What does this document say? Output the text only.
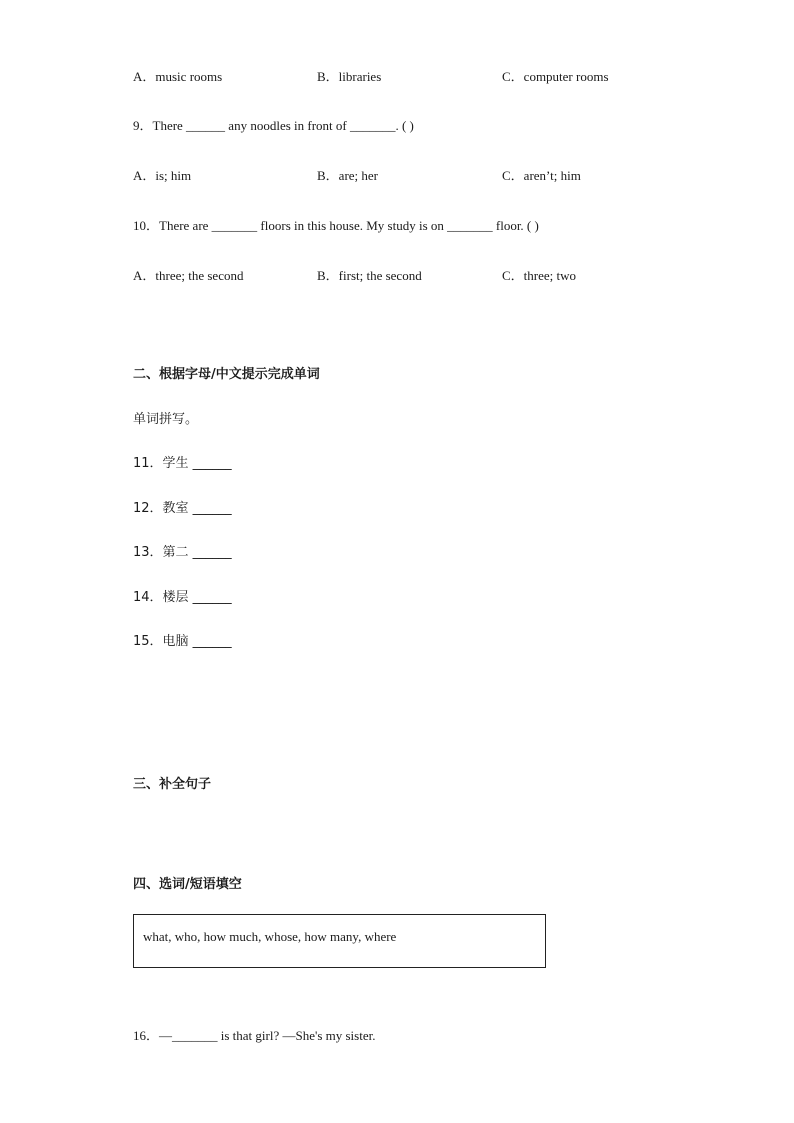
A．music rooms	B．libraries	C．computer rooms
9．There ______ any noodles in front of _______. ( )
A．is; him	B．are; her	C．aren’t; him
10．There are _______ floors in this house. My study is on _______ floor. ( )
A．three; the second	B．first; the second	C．three; two
二、根据字母/中文提示完成单词
单词拼写。
11．学生 ______
12．教室 ______
13．第二 ______
14．楼层 ______
15．电脑 ______
三、补全句子
四、选词/短语填空
what, who, how much, whose, how many, where
16．—_______ is that girl? —She's my sister.
